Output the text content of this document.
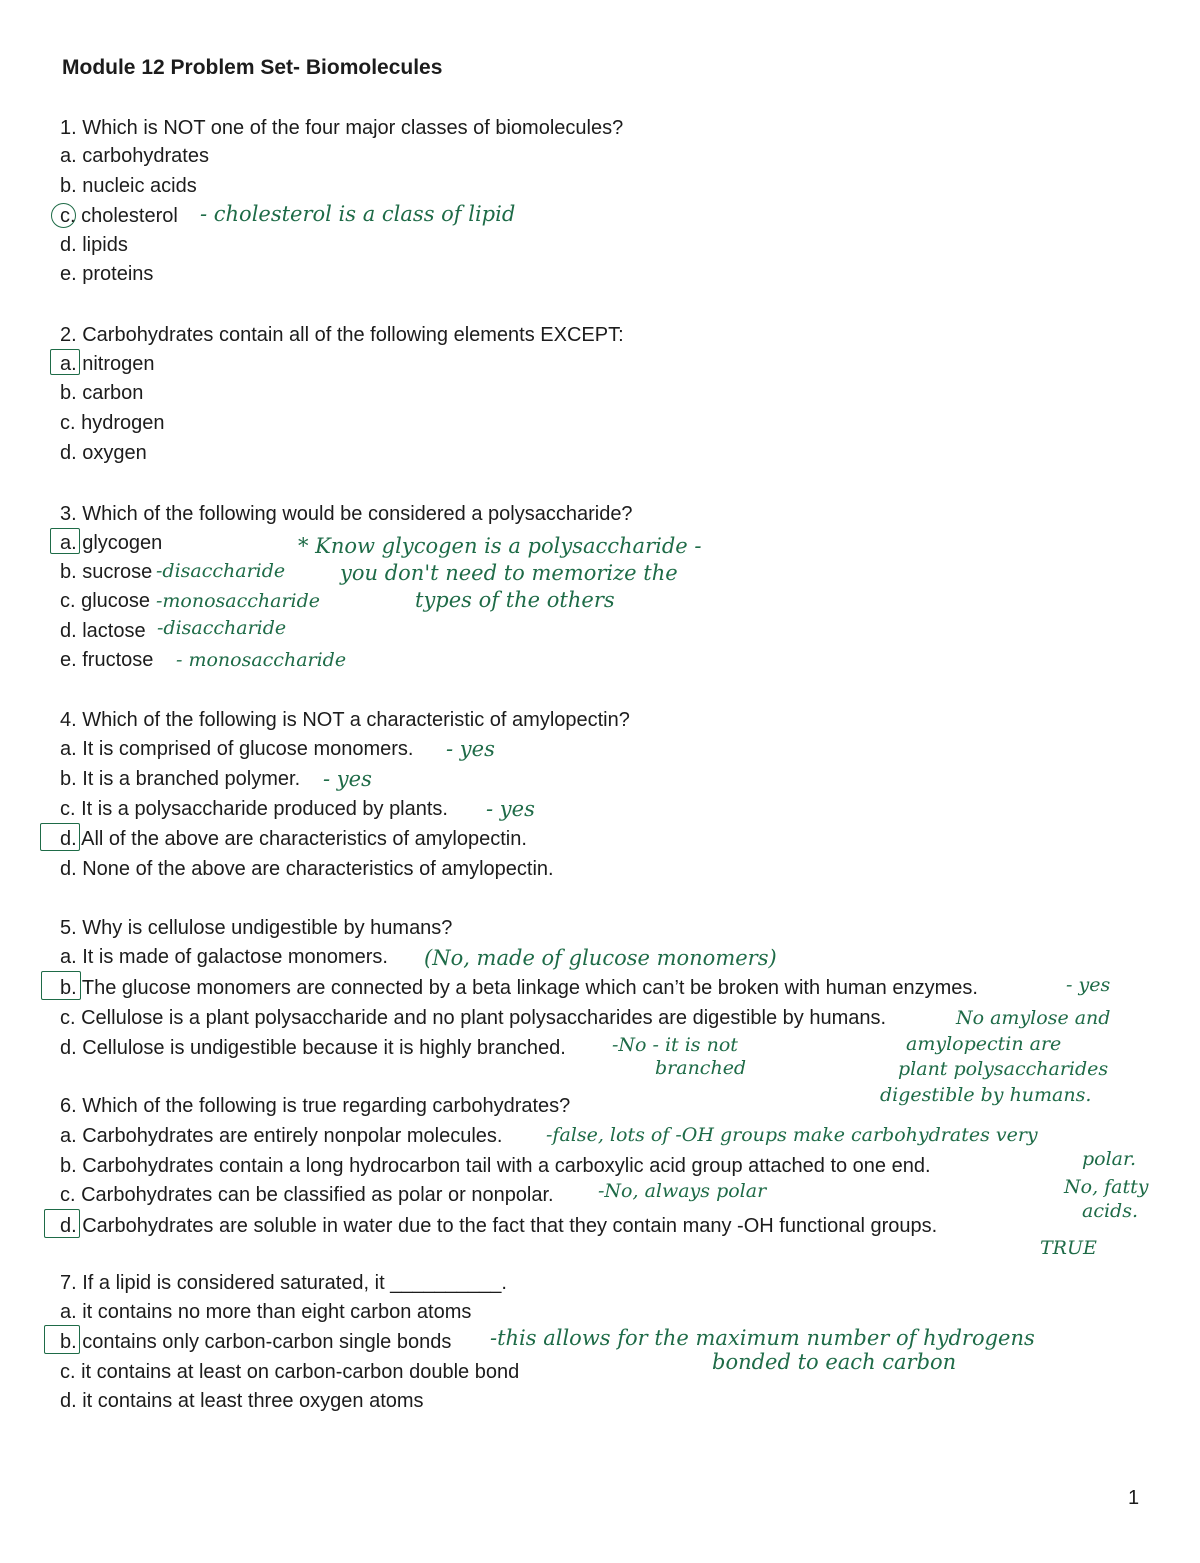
Module 12 Problem Set- Biomolecules
1. Which is NOT one of the four major classes of biomolecules?
a. carbohydrates
b. nucleic acids
c. cholesterol
d. lipids
e. proteins
- cholesterol is a class of lipid
2. Carbohydrates contain all of the following elements EXCEPT:
a. nitrogen
b. carbon
c. hydrogen
d. oxygen
3. Which of the following would be considered a polysaccharide?
a. glycogen
b. sucrose
c. glucose
d. lactose
e. fructose
-disaccharide
-monosaccharide
-disaccharide
- monosaccharide
* Know glycogen is a polysaccharide -
you don't need to memorize the
types of the others
4. Which of the following is NOT a characteristic of amylopectin?
a. It is comprised of glucose monomers.
b. It is a branched polymer.
c. It is a polysaccharide produced by plants.
d. All of the above are characteristics of amylopectin.
d. None of the above are characteristics of amylopectin.
- yes
- yes
- yes
5. Why is cellulose undigestible by humans?
a. It is made of galactose monomers.
b. The glucose monomers are connected by a beta linkage which can’t be broken with human enzymes.
c. Cellulose is a plant polysaccharide and no plant polysaccharides are digestible by humans.
d. Cellulose is undigestible because it is highly branched.
(No, made of glucose monomers)
- yes
No amylose and
amylopectin are
plant polysaccharides
digestible by humans.
-No - it is not
branched
6. Which of the following is true regarding carbohydrates?
a. Carbohydrates are entirely nonpolar molecules.
b. Carbohydrates contain a long hydrocarbon tail with a carboxylic acid group attached to one end.
c. Carbohydrates can be classified as polar or nonpolar.
d. Carbohydrates are soluble in water due to the fact that they contain many -OH functional groups.
-false, lots of -OH groups make carbohydrates very
polar.
No, fatty
acids.
-No, always polar
TRUE
7. If a lipid is considered saturated, it __________.
a. it contains no more than eight carbon atoms
b. contains only carbon-carbon single bonds
c. it contains at least on carbon-carbon double bond
d. it contains at least three oxygen atoms
-this allows for the maximum number of hydrogens
bonded to each carbon
1
